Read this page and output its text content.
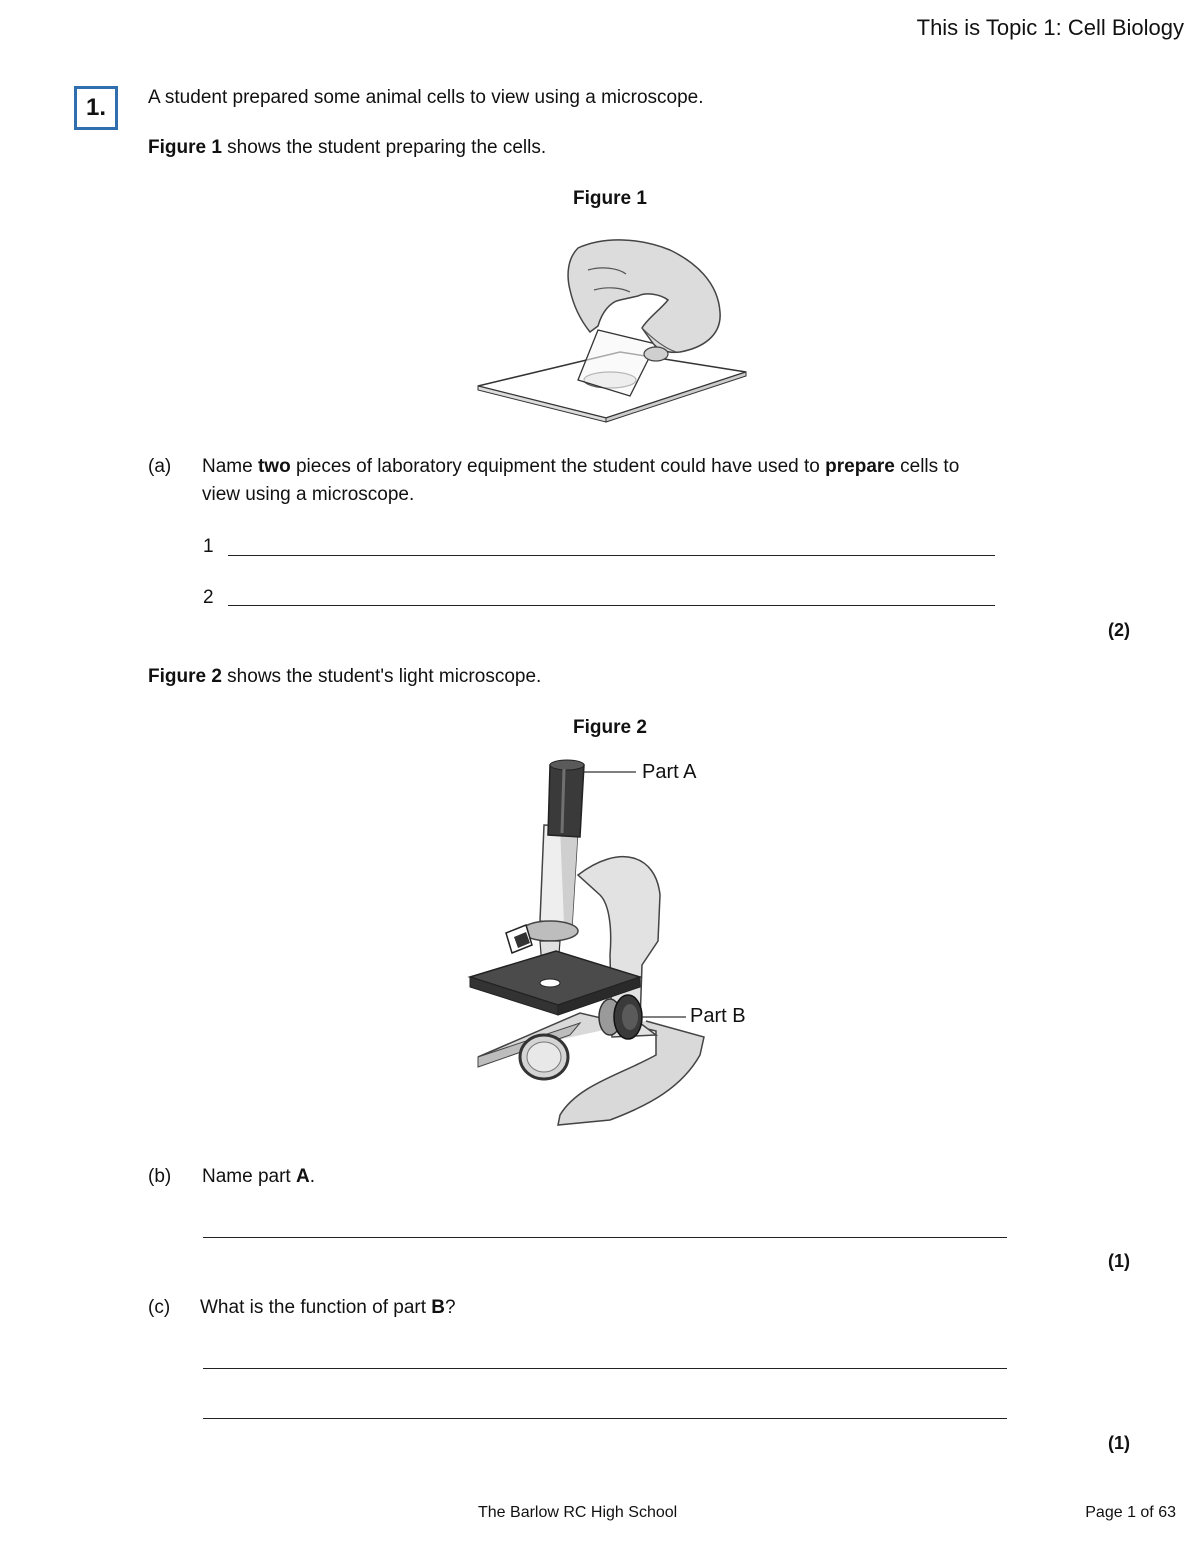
This is Topic 1: Cell Biology
1.	A student prepared some animal cells to view using a microscope.
Figure 1 shows the student preparing the cells.
Figure 1
(a) Name two pieces of laboratory equipment the student could have used to prepare cells to
view using a microscope.
1
2
(2)
Figure 2 shows the student's light microscope.
Figure 2
Part A
Part B
(b) Name part A.
(1)
(c) What is the function of part B?
(1)
The Barlow RC High School	Page 1 of 63
